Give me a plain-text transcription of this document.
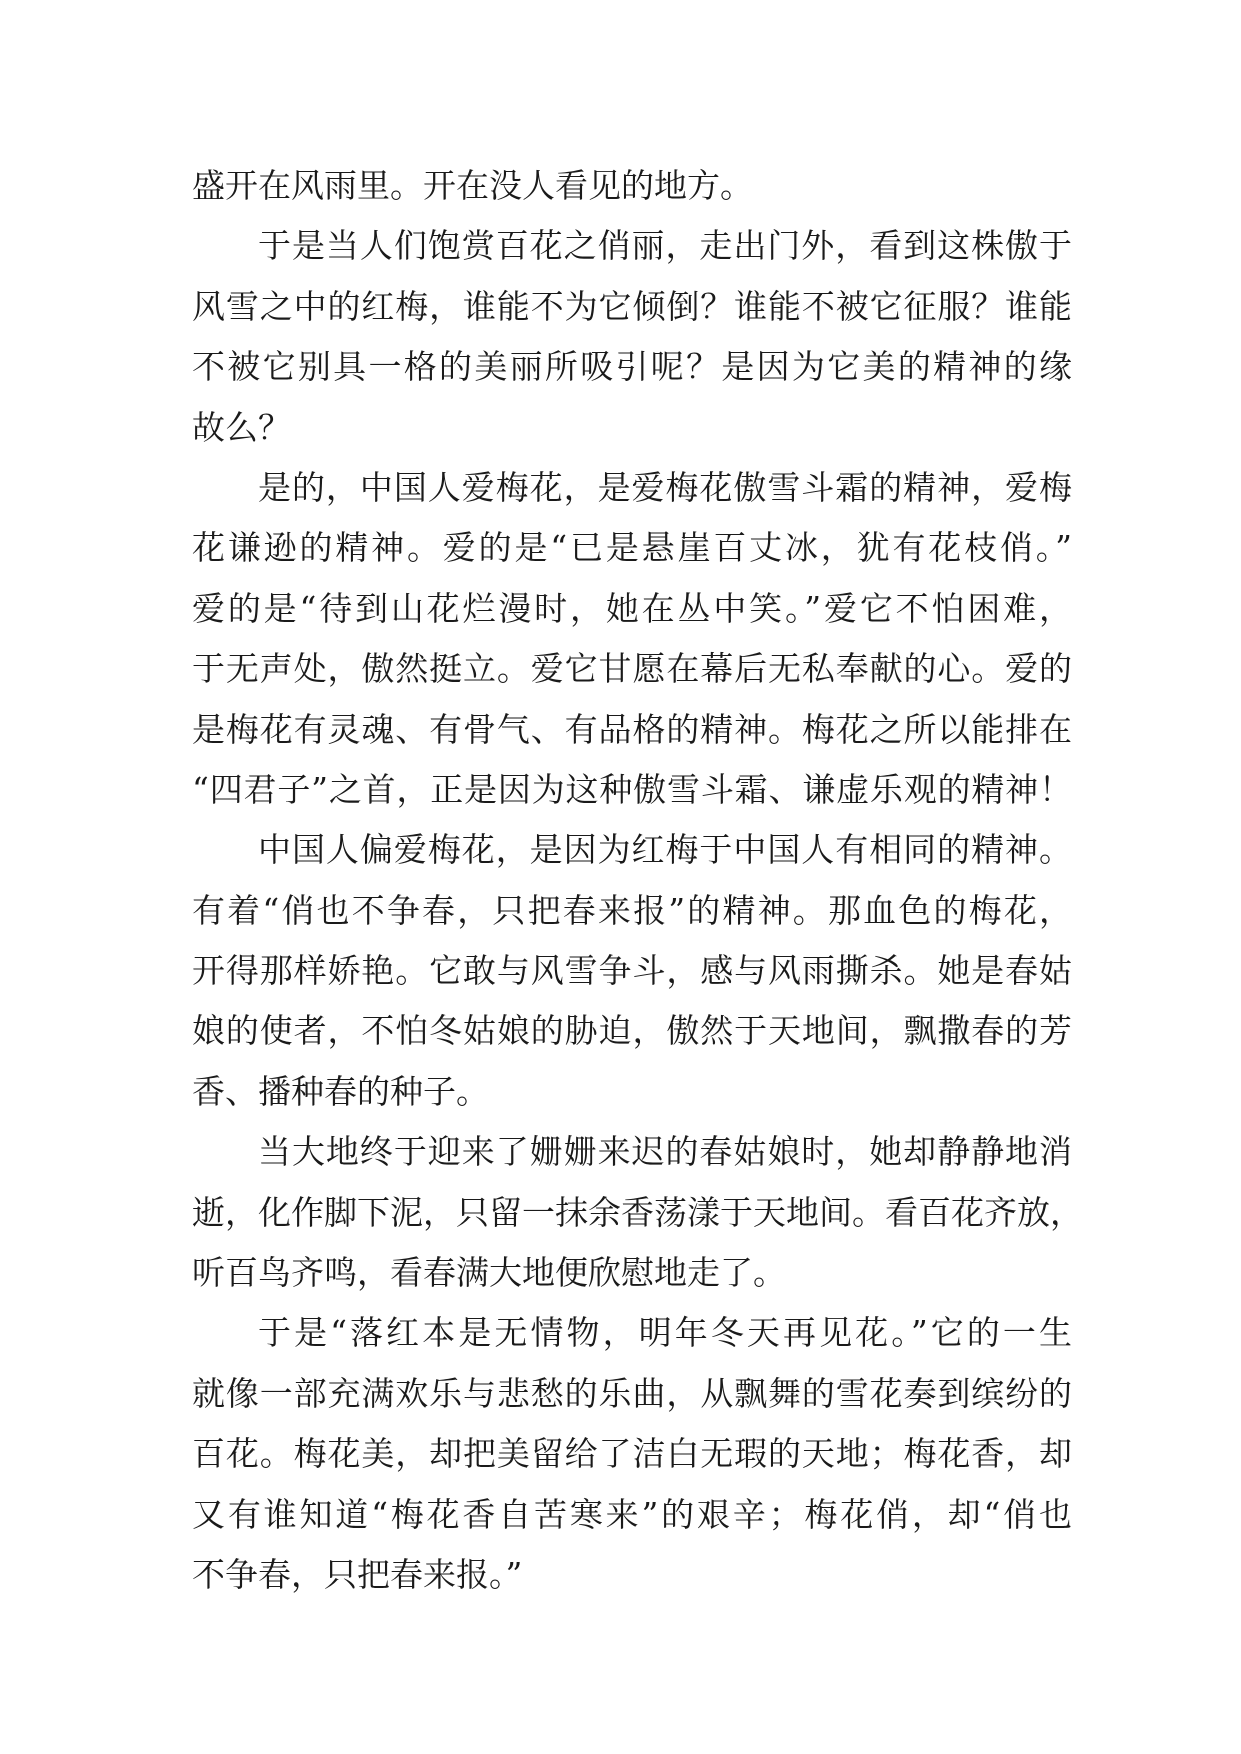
盛开在风雨里。开在没人看见的地方。
于是当人们饱赏百花之俏丽，走出门外，看到这株傲于
风雪之中的红梅，谁能不为它倾倒？谁能不被它征服？谁能
不被它别具一格的美丽所吸引呢？是因为它美的精神的缘
故么？
是的，中国人爱梅花，是爱梅花傲雪斗霜的精神，爱梅
花谦逊的精神。爱的是“已是悬崖百丈冰，犹有花枝俏。”
爱的是“待到山花烂漫时，她在丛中笑。”爱它不怕困难，
于无声处，傲然挺立。爱它甘愿在幕后无私奉献的心。爱的
是梅花有灵魂、有骨气、有品格的精神。梅花之所以能排在
“四君子”之首，正是因为这种傲雪斗霜、谦虚乐观的精神！
中国人偏爱梅花，是因为红梅于中国人有相同的精神。
有着“俏也不争春，只把春来报”的精神。那血色的梅花，
开得那样娇艳。它敢与风雪争斗，感与风雨撕杀。她是春姑
娘的使者，不怕冬姑娘的胁迫，傲然于天地间，飘撒春的芳
香、播种春的种子。
当大地终于迎来了姗姗来迟的春姑娘时，她却静静地消
逝，化作脚下泥，只留一抹余香荡漾于天地间。看百花齐放，
听百鸟齐鸣，看春满大地便欣慰地走了。
于是“落红本是无情物，明年冬天再见花。”它的一生
就像一部充满欢乐与悲愁的乐曲，从飘舞的雪花奏到缤纷的
百花。梅花美，却把美留给了洁白无瑕的天地；梅花香，却
又有谁知道“梅花香自苦寒来”的艰辛；梅花俏，却“俏也
不争春，只把春来报。”
